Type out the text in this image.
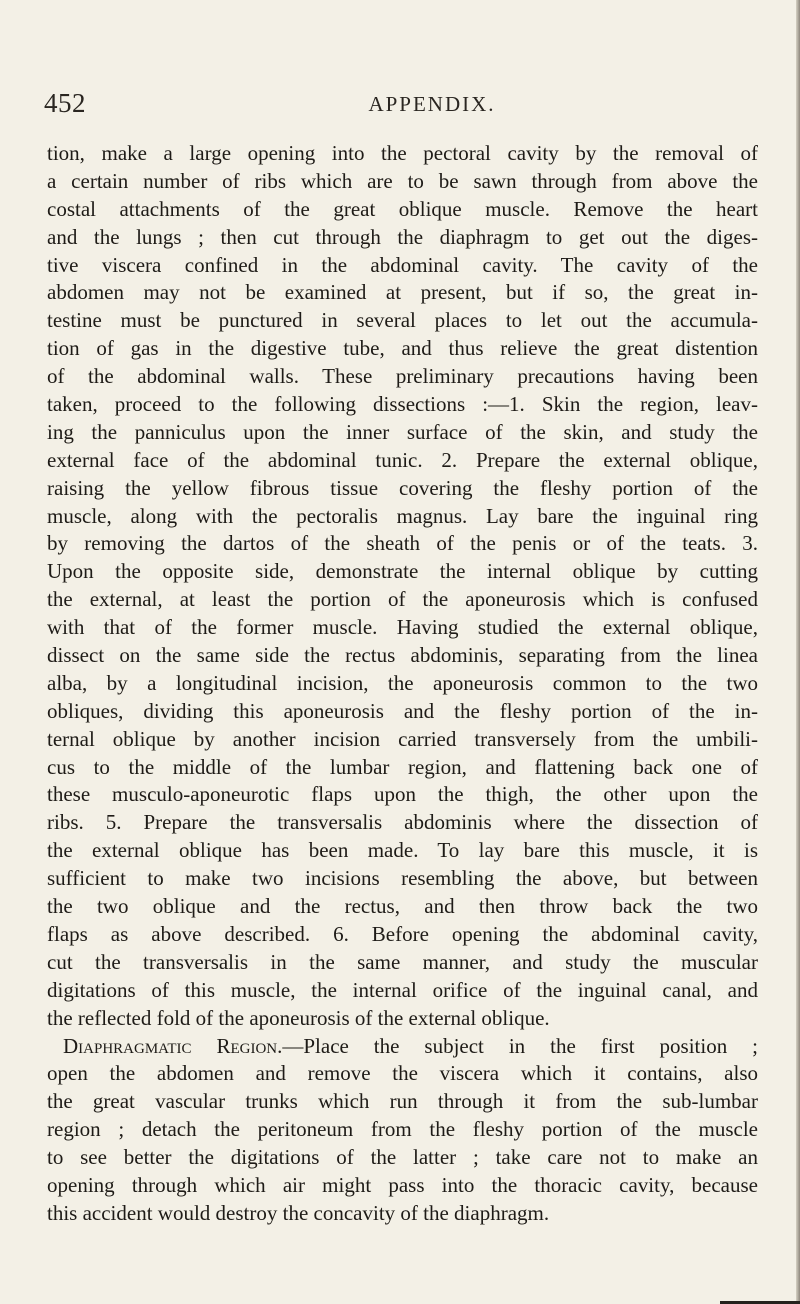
452	APPENDIX.
tion, make a large opening into the pectoral cavity by the removal of
a certain number of ribs which are to be sawn through from above the
costal attachments of the great oblique muscle. Remove the heart
and the lungs ; then cut through the diaphragm to get out the diges-
tive viscera confined in the abdominal cavity. The cavity of the
abdomen may not be examined at present, but if so, the great in-
testine must be punctured in several places to let out the accumula-
tion of gas in the digestive tube, and thus relieve the great distention
of the abdominal walls. These preliminary precautions having been
taken, proceed to the following dissections :—1. Skin the region, leav-
ing the panniculus upon the inner surface of the skin, and study the
external face of the abdominal tunic. 2. Prepare the external oblique,
raising the yellow fibrous tissue covering the fleshy portion of the
muscle, along with the pectoralis magnus. Lay bare the inguinal ring
by removing the dartos of the sheath of the penis or of the teats. 3.
Upon the opposite side, demonstrate the internal oblique by cutting
the external, at least the portion of the aponeurosis which is confused
with that of the former muscle. Having studied the external oblique,
dissect on the same side the rectus abdominis, separating from the linea
alba, by a longitudinal incision, the aponeurosis common to the two
obliques, dividing this aponeurosis and the fleshy portion of the in-
ternal oblique by another incision carried transversely from the umbili-
cus to the middle of the lumbar region, and flattening back one of
these musculo-aponeurotic flaps upon the thigh, the other upon the
ribs. 5. Prepare the transversalis abdominis where the dissection of
the external oblique has been made. To lay bare this muscle, it is
sufficient to make two incisions resembling the above, but between
the two oblique and the rectus, and then throw back the two
flaps as above described. 6. Before opening the abdominal cavity,
cut the transversalis in the same manner, and study the muscular
digitations of this muscle, the internal orifice of the inguinal canal, and
the reflected fold of the aponeurosis of the external oblique.
Diaphragmatic Region.—Place the subject in the first position ;
open the abdomen and remove the viscera which it contains, also
the great vascular trunks which run through it from the sub-lumbar
region ; detach the peritoneum from the fleshy portion of the muscle
to see better the digitations of the latter ; take care not to make an
opening through which air might pass into the thoracic cavity, because
this accident would destroy the concavity of the diaphragm.
